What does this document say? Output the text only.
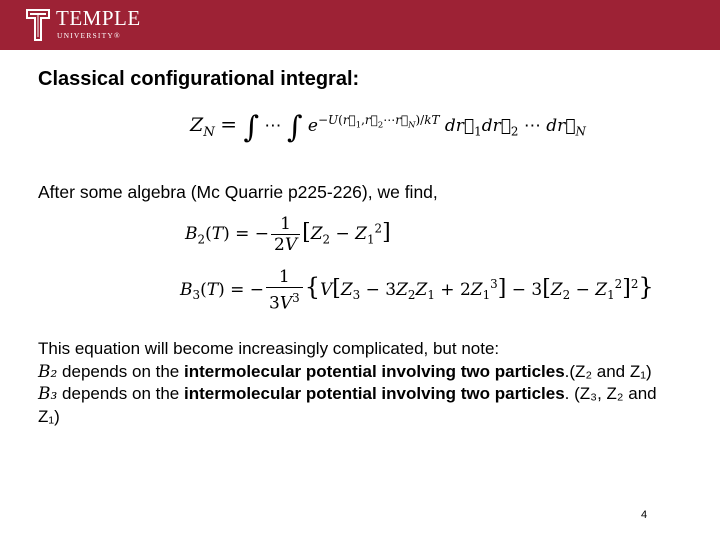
TEMPLE
UNIVERSITY®
Classical configurational integral:
$Z_N$ = ∫ ⋯ ∫ $e^{-U(r⃗_1,r⃗_2\cdots r⃗_N)/kT}$ $dr⃗_1dr⃗_2$ ⋯ $dr⃗_N$
After some algebra (Mc Quarrie p225-226), we find,
$B_2(T)$ = − $\frac{1}{2V} [Z_2 - Z_1^2]$
$B_3(T)$ = − $\frac{1}{3V^3} \{V[Z_3 - 3Z_2Z_1 + 2Z_1^3] - 3[Z_2 - Z_1^2]^2\}$
This equation will become increasingly complicated, but note:
B₂ depends on the intermolecular potential involving two particles.(Z₂ and Z₁)
B₃ depends on the intermolecular potential involving two particles. (Z₃, Z₂ and
Z₁)
4
